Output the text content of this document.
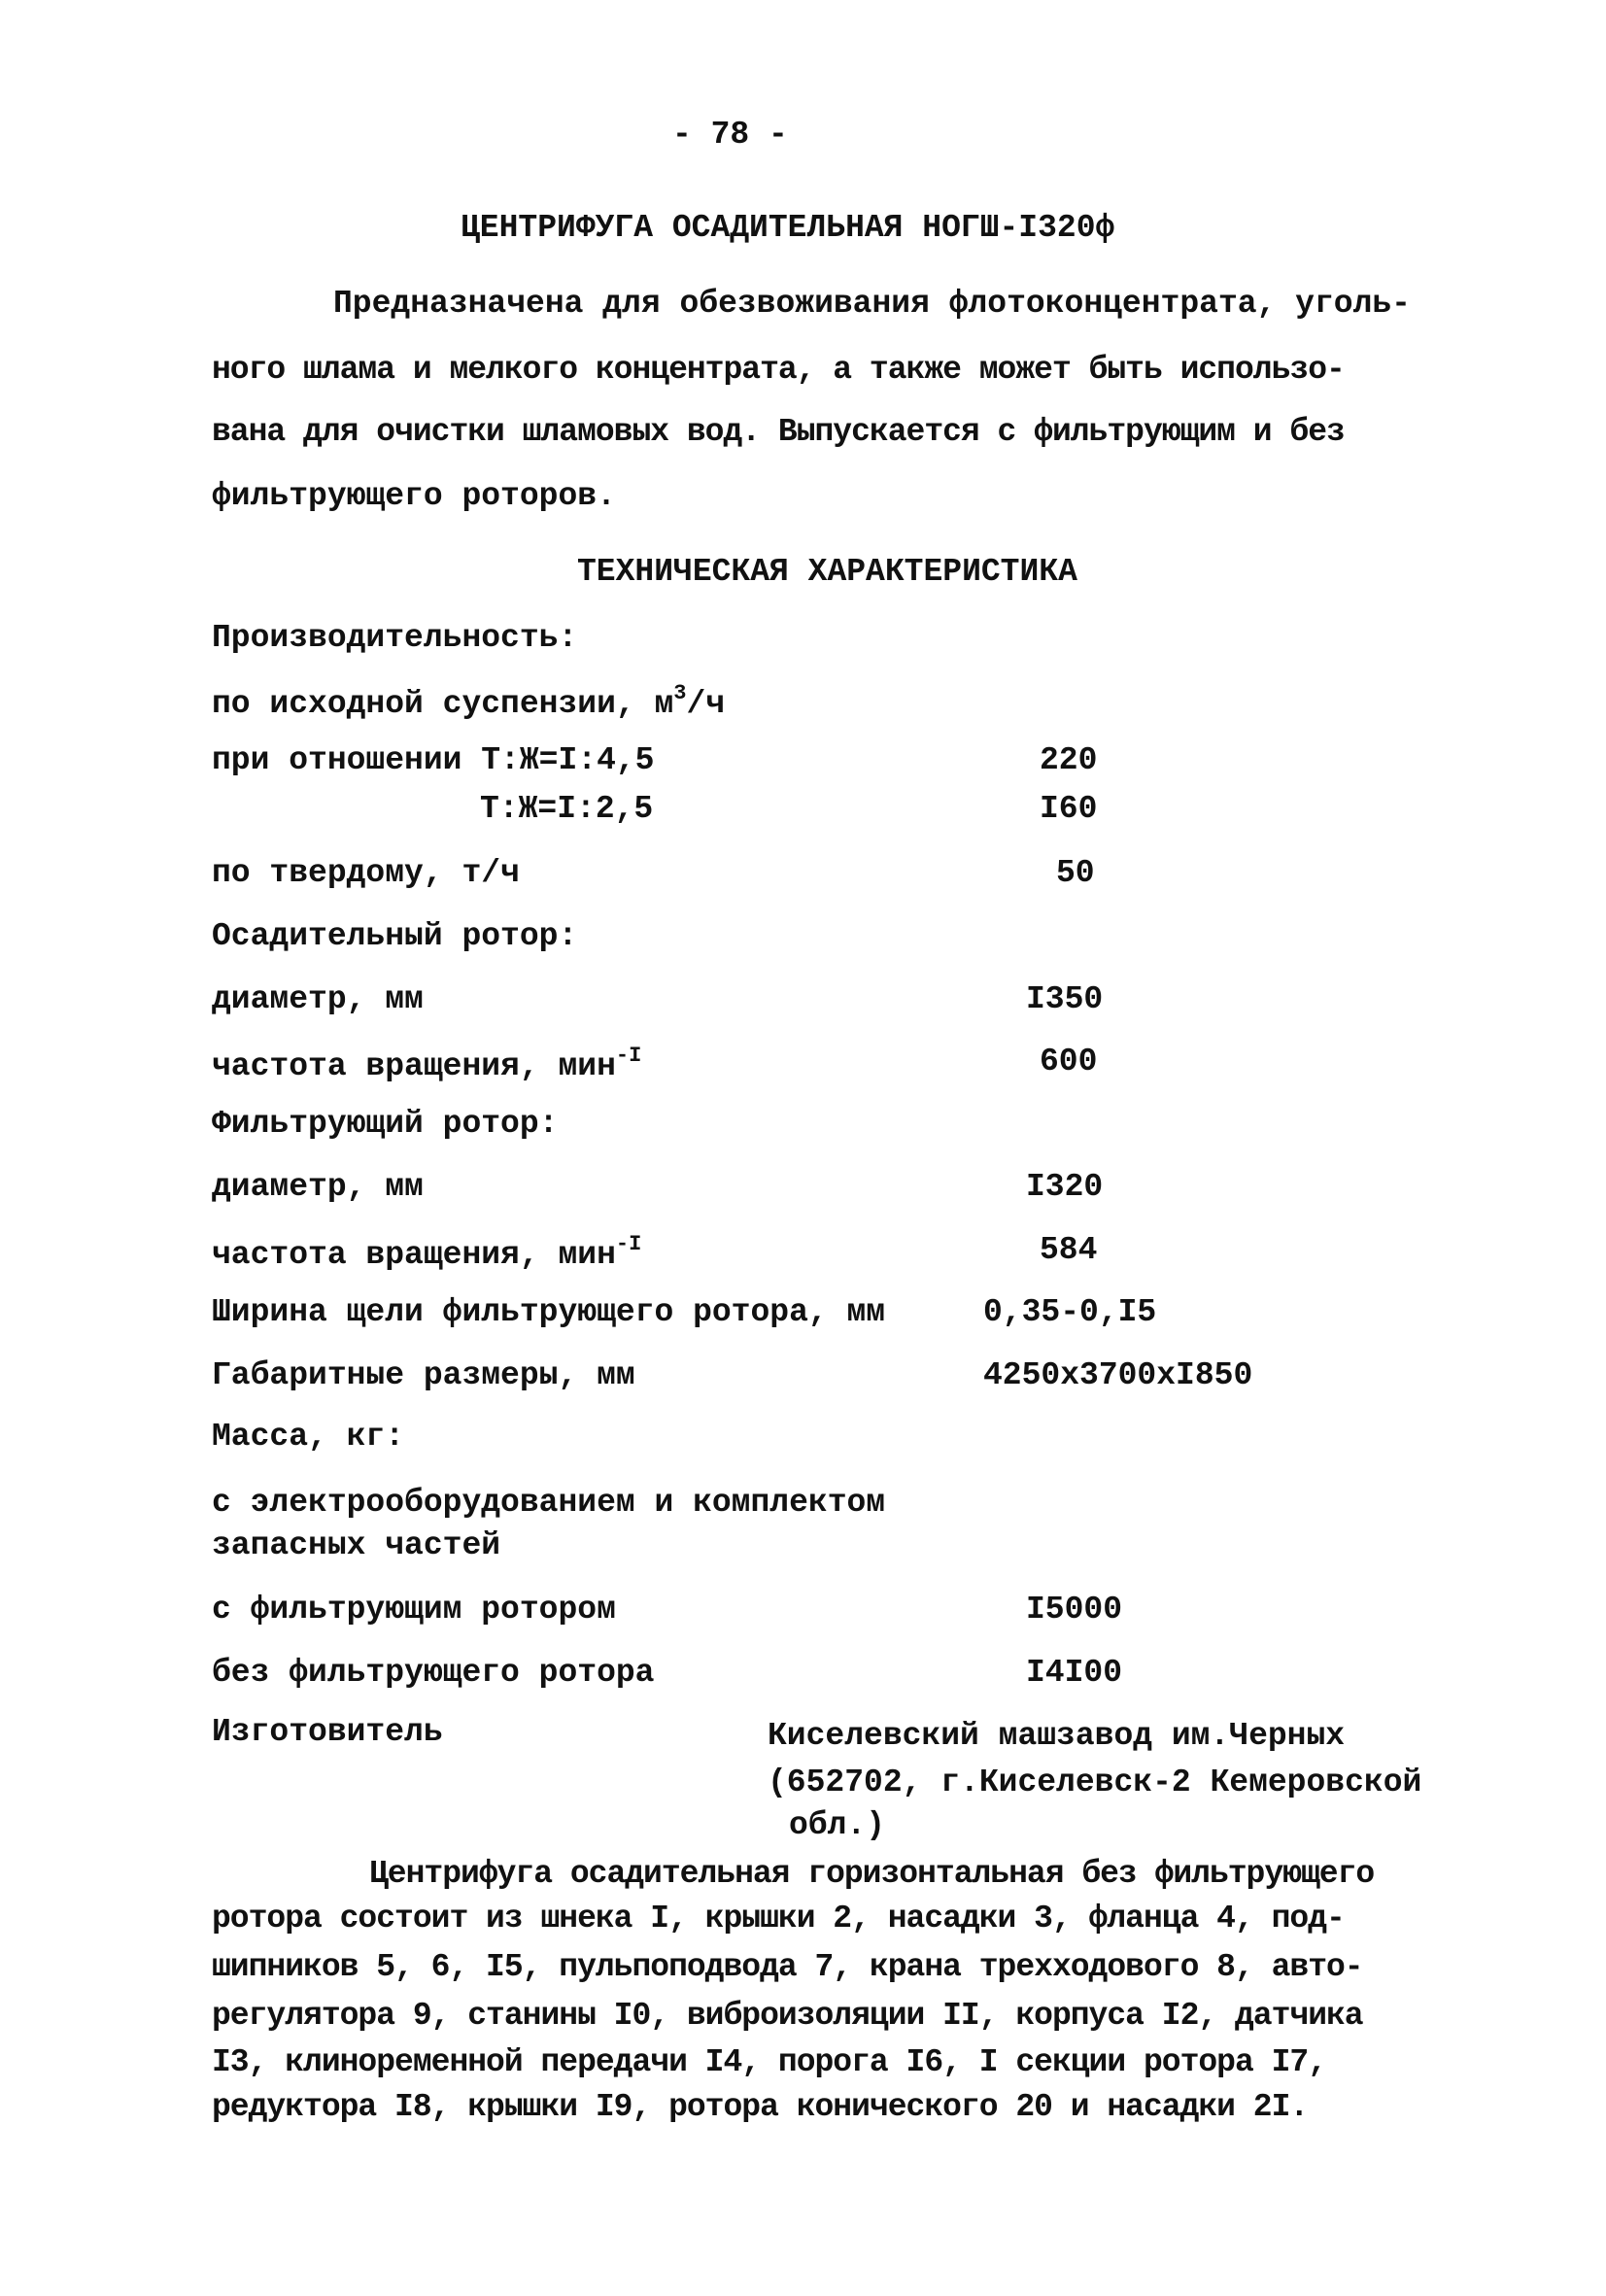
- 78 -
ЦЕНТРИФУГА ОСАДИТЕЛЬНАЯ НОГШ-I320ф
Предназначена для обезвоживания флотоконцентрата, уголь-
ного шлама и мелкого концентрата, а также может быть использо-
вана для очистки шламовых вод. Выпускается с фильтрующим и без
фильтрующего роторов.
ТЕХНИЧЕСКАЯ ХАРАКТЕРИСТИКА
Производительность:
по исходной суспензии, $м^3/ч$
при отношении Т:Ж=I:4,5	220
Т:Ж=I:2,5	I60
по твердому, т/ч	50
Осадительный ротор:
диаметр, мм	I350
частота вращения, мин$^{-I}$	600
Фильтрующий ротор:
диаметр, мм	I320
частота вращения, мин$^{-I}$	584
Ширина щели фильтрующего ротора, мм	0,35-0,I5
Габаритные размеры, мм	4250x3700xI850
Масса, кг:
с электрооборудованием и комплектом
запасных частей
с фильтрующим ротором	I5000
без фильтрующего ротора	I4I00
Изготовитель	Киселевский машзавод им.Черных
(652702, г.Киселевск-2 Кемеровской
обл.)
Центрифуга осадительная горизонтальная без фильтрующего
ротора состоит из шнека I, крышки 2, насадки 3, фланца 4, под-
шипников 5, 6, I5, пульпоподвода 7, крана трехходового 8, авто-
регулятора 9, станины I0, виброизоляции II, корпуса I2, датчика
I3, клиноременной передачи I4, порога I6, I секции ротора I7,
редуктора I8, крышки I9, ротора конического 20 и насадки 2I.
